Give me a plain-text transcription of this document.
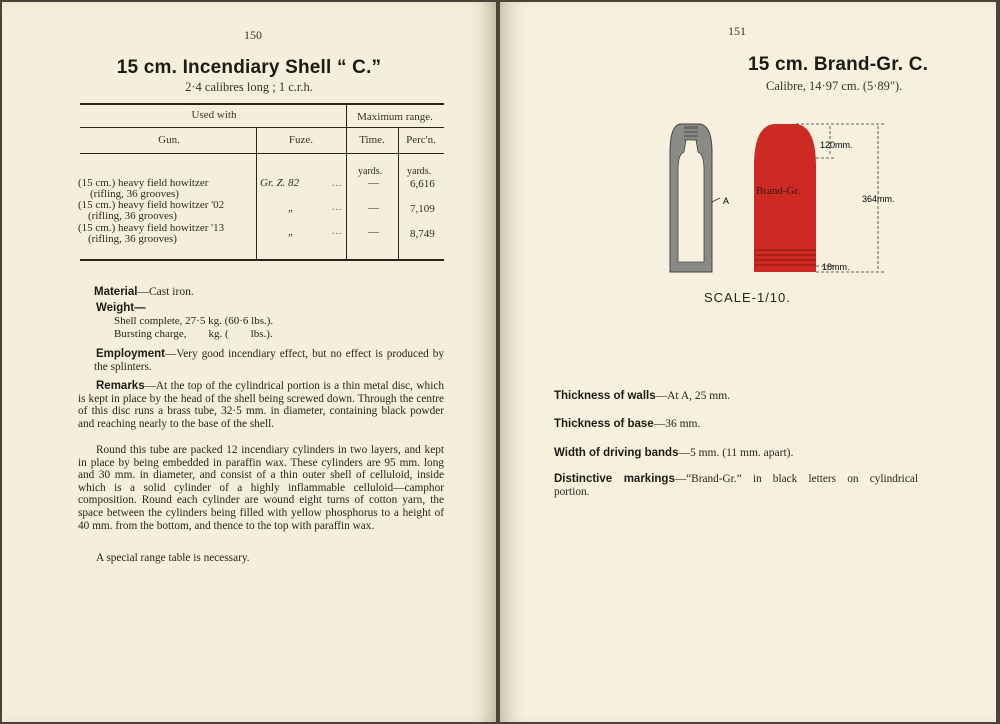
150
15 cm. Incendiary Shell “ C.”
2·4 calibres long ; 1 c.r.h.
Used with	Maximum range.
Gun.	Fuze.	Time.	Perc'n.
yards. yards.
(15 cm.) heavy field howitzer
(rifling, 36 grooves)
Gr. Z. 82	... —	6,616
(15 cm.) heavy field howitzer '02
(rifling, 36 grooves)
„	... —	7,109
(15 cm.) heavy field howitzer '13
(rifling, 36 grooves)
„	... —	8,749
Material—Cast iron.
Weight—
Shell complete, 27·5 kg. (60·6 lbs.).
Bursting charge,        kg. (        lbs.).
Employment—Very good incendiary effect, but no effect is produced by the splinters.
Remarks—At the top of the cylindrical portion is a thin metal disc, which is kept in place by the head of the shell being screwed down. Through the centre of this disc runs a brass tube, 32·5 mm. in diameter, containing black powder and reaching nearly to the base of the shell.
Round this tube are packed 12 incendiary cylinders in two layers, and kept in place by being embedded in paraffin wax. These cylinders are 95 mm. long and 30 mm. in diameter, and consist of a thin outer shell of celluloid, inside which is a solid cylinder of a highly inflammable celluloid—camphor composition. Round each cylinder are wound eight turns of cotton yarn, the space between the cylinders being filled with yellow phosphorus to a height of 40 mm. from the bottom, and thence to the top with paraffin wax.
A special range table is necessary.
151
15 cm. Brand-Gr. C.
Calibre, 14·97 cm. (5·89").
A
Brand-Gr.
120mm.
364mm.
18mm.
SCALE-1/10.
Thickness of walls—At A, 25 mm.
Thickness of base—36 mm.
Width of driving bands—5 mm. (11 mm. apart).
Distinctive markings—“Brand-Gr.” in black letters on cylindrical portion.
